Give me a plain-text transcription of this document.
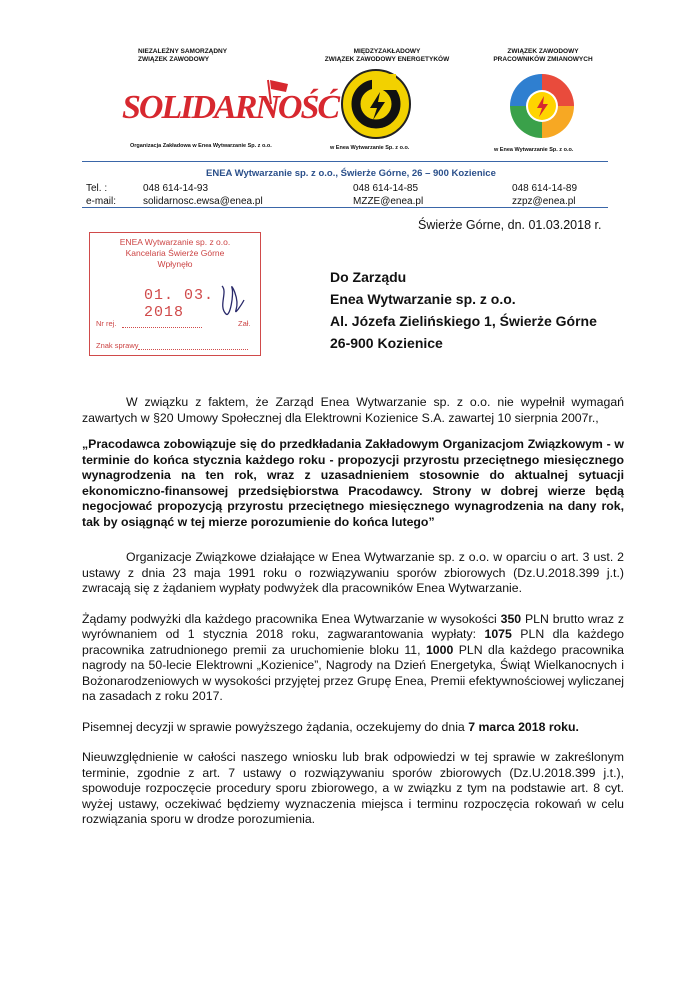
NIEZALEŻNY SAMORZĄDNY
ZWIĄZEK ZAWODOWY
SOLIDARNOŚĆ
Organizacja Zakładowa w Enea Wytwarzanie Sp. z o.o.
MIĘDZYZAKŁADOWY
ZWIĄZEK ZAWODOWY ENERGETYKÓW
w Enea Wytwarzanie Sp. z o.o.
ZWIĄZEK ZAWODOWY
PRACOWNIKÓW ZMIANOWYCH
w Enea Wytwarzanie Sp. z o.o.
ENEA Wytwarzanie sp. z o.o., Świerże Górne, 26 – 900 Kozienice
Tel. :
e-mail:
048 614-14-93
solidarnosc.ewsa@enea.pl
048 614-14-85
MZZE@enea.pl
048 614-14-89
zzpz@enea.pl
Świerże Górne, dn. 01.03.2018 r.
ENEA Wytwarzanie sp. z o.o.
Kancelaria Świerże Górne
Wpłynęło
01. 03. 2018
Nr rej.	Zał.
Znak sprawy
Do Zarządu
Enea Wytwarzanie sp. z o.o.
Al. Józefa Zielińskiego 1, Świerże Górne
26-900 Kozienice

W związku z faktem, że Zarząd Enea Wytwarzanie sp. z o.o. nie wypełnił wymagań zawartych w §20 Umowy Społecznej dla Elektrowni Kozienice S.A. zawartej 10 sierpnia 2007r.,

„Pracodawca zobowiązuje się do przedkładania Zakładowym Organizacjom Związkowym - w terminie do końca stycznia każdego roku - propozycji przyrostu przeciętnego miesięcznego wynagrodzenia na ten rok, wraz z uzasadnieniem stosownie do aktualnej sytuacji ekonomiczno-finansowej przedsiębiorstwa Pracodawcy. Strony w dobrej wierze będą negocjować propozycją przyrostu przeciętnego miesięcznego wynagrodzenia na dany rok, tak by osiągnąć w tej mierze porozumienie do końca lutego”

Organizacje Związkowe działające w Enea Wytwarzanie sp. z o.o. w oparciu o art. 3 ust. 2 ustawy z dnia 23 maja 1991 roku o rozwiązywaniu sporów zbiorowych (Dz.U.2018.399 j.t.) zwracają się z żądaniem wypłaty podwyżek dla pracowników Enea Wytwarzanie.

Żądamy podwyżki dla każdego pracownika Enea Wytwarzanie w wysokości 350 PLN brutto wraz z wyrównaniem od 1 stycznia 2018 roku, zagwarantowania wypłaty: 1075 PLN dla każdego pracownika zatrudnionego premii za uruchomienie bloku 11, 1000 PLN dla każdego pracownika nagrody na 50-lecie Elektrowni „Kozienice”, Nagrody na Dzień Energetyka, Świąt Wielkanocnych i Bożonarodzeniowych w wysokości przyjętej przez Grupę Enea, Premii efektywnościowej wyliczanej na zasadach z roku 2017.

Pisemnej decyzji w sprawie powyższego żądania, oczekujemy do dnia 7 marca 2018 roku.

Nieuwzględnienie w całości naszego wniosku lub brak odpowiedzi w tej sprawie w zakreślonym terminie, zgodnie z art. 7 ustawy o rozwiązywaniu sporów zbiorowych (Dz.U.2018.399 j.t.), spowoduje rozpoczęcie procedury sporu zbiorowego, a w związku z tym na podstawie art. 8 cyt. wyżej ustawy, oczekiwać będziemy wyznaczenia miejsca i terminu rozpoczęcia rokowań w celu rozwiązania sporu w drodze porozumienia.
